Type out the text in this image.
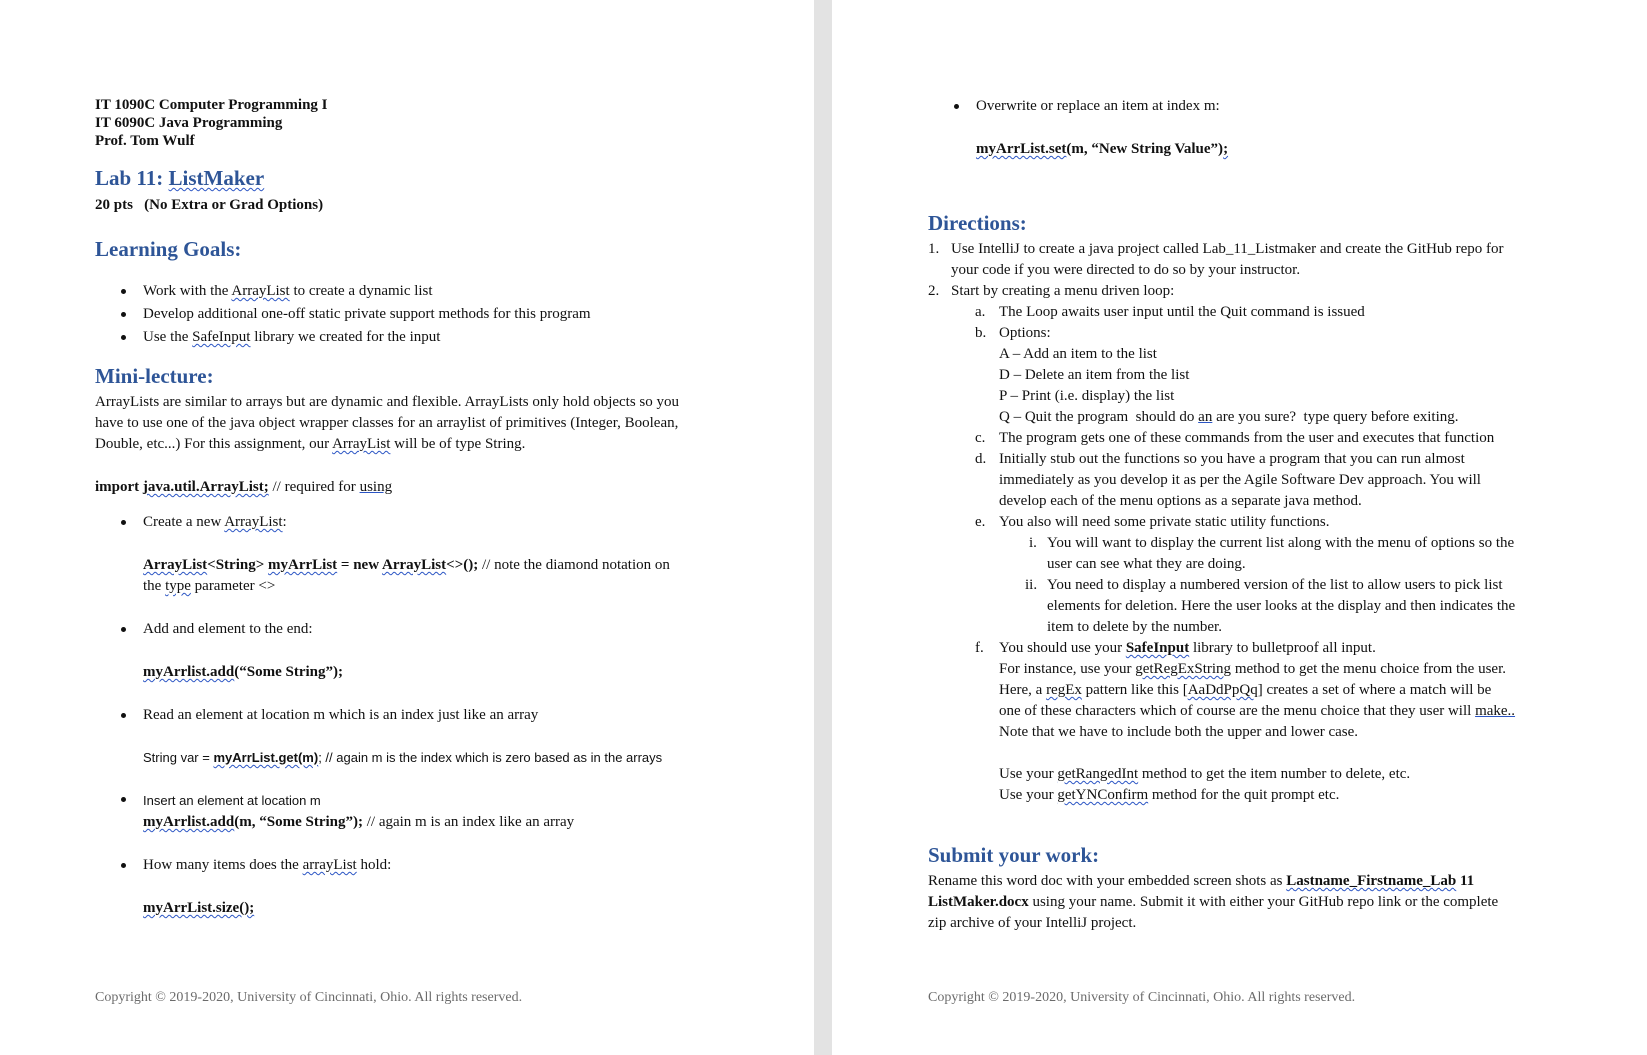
IT 1090C Computer Programming I
IT 6090C Java Programming
Prof. Tom Wulf
Lab 11: ListMaker
20 pts   (No Extra or Grad Options)
Learning Goals:
Work with the ArrayList to create a dynamic list
Develop additional one-off static private support methods for this program
Use the SafeInput library we created for the input
Mini-lecture:
ArrayLists are similar to arrays but are dynamic and flexible. ArrayLists only hold objects so you
have to use one of the java object wrapper classes for an arraylist of primitives (Integer, Boolean,
Double, etc...) For this assignment, our ArrayList will be of type String.
import java.util.ArrayList; // required for using
Create a new ArrayList:
ArrayList<String> myArrList = new ArrayList<>(); // note the diamond notation on
the type parameter <>
Add and element to the end:
myArrlist.add(“Some String”);
Read an element at location m which is an index just like an array
String var = myArrList.get(m); // again m is the index which is zero based as in the arrays
Insert an element at location m
myArrlist.add(m, “Some String”); // again m is an index like an array
How many items does the arrayList hold:
myArrList.size();
Copyright © 2019-2020, University of Cincinnati, Ohio. All rights reserved.
Overwrite or replace an item at index m:
myArrList.set(m, “New String Value”);
Directions:
1. Use IntelliJ to create a java project called Lab_11_Listmaker and create the GitHub repo for
your code if you were directed to do so by your instructor.
2. Start by creating a menu driven loop:
a. The Loop awaits user input until the Quit command is issued
b. Options:
A – Add an item to the list
D – Delete an item from the list
P – Print (i.e. display) the list
Q – Quit the program  should do an are you sure?  type query before exiting.
c. The program gets one of these commands from the user and executes that function
d. Initially stub out the functions so you have a program that you can run almost
immediately as you develop it as per the Agile Software Dev approach. You will
develop each of the menu options as a separate java method.
e. You also will need some private static utility functions.
i. You will want to display the current list along with the menu of options so the
user can see what they are doing.
ii. You need to display a numbered version of the list to allow users to pick list
elements for deletion. Here the user looks at the display and then indicates the
item to delete by the number.
f. You should use your SafeInput library to bulletproof all input.
For instance, use your getRegExString method to get the menu choice from the user.
Here, a regEx pattern like this [AaDdPpQq] creates a set of where a match will be
one of these characters which of course are the menu choice that they user will make..
Note that we have to include both the upper and lower case.
Use your getRangedInt method to get the item number to delete, etc.
Use your getYNConfirm method for the quit prompt etc.
Submit your work:
Rename this word doc with your embedded screen shots as Lastname_Firstname_Lab 11
ListMaker.docx using your name. Submit it with either your GitHub repo link or the complete
zip archive of your IntelliJ project.
Copyright © 2019-2020, University of Cincinnati, Ohio. All rights reserved.
